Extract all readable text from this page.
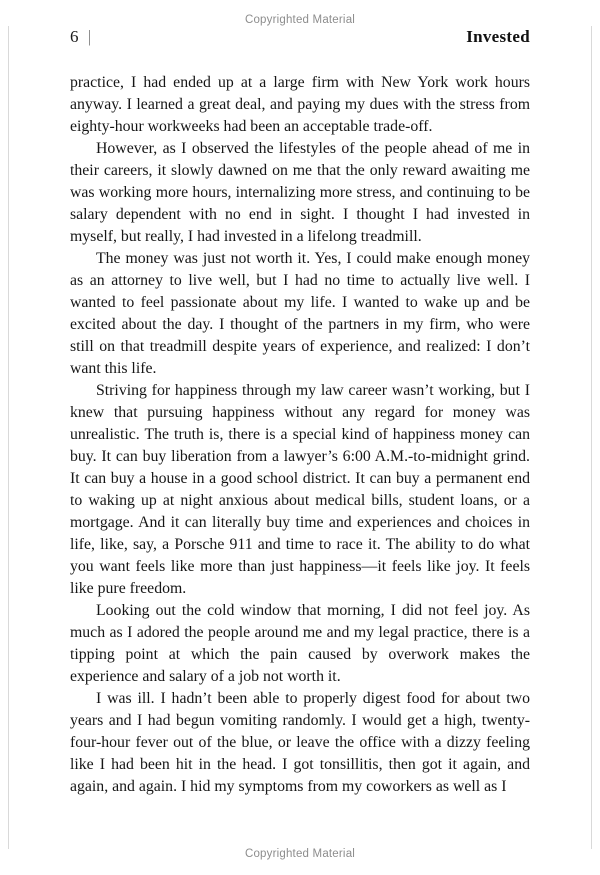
Copyrighted Material
6 |	Invested

practice, I had ended up at a large firm with New York work hours anyway. I learned a great deal, and paying my dues with the stress from eighty-hour workweeks had been an acceptable trade-off.

However, as I observed the lifestyles of the people ahead of me in their careers, it slowly dawned on me that the only reward awaiting me was working more hours, internalizing more stress, and continuing to be salary dependent with no end in sight. I thought I had invested in myself, but really, I had invested in a lifelong treadmill.

The money was just not worth it. Yes, I could make enough money as an attorney to live well, but I had no time to actually live well. I wanted to feel passionate about my life. I wanted to wake up and be excited about the day. I thought of the partners in my firm, who were still on that treadmill despite years of experience, and realized: I don’t want this life.

Striving for happiness through my law career wasn’t working, but I knew that pursuing happiness without any regard for money was unrealistic. The truth is, there is a special kind of happiness money can buy. It can buy liberation from a lawyer’s 6:00 A.M.-to-midnight grind. It can buy a house in a good school district. It can buy a permanent end to waking up at night anxious about medical bills, student loans, or a mortgage. And it can literally buy time and experiences and choices in life, like, say, a Porsche 911 and time to race it. The ability to do what you want feels like more than just happiness—it feels like joy. It feels like pure freedom.

Looking out the cold window that morning, I did not feel joy. As much as I adored the people around me and my legal practice, there is a tipping point at which the pain caused by overwork makes the experience and salary of a job not worth it.

I was ill. I hadn’t been able to properly digest food for about two years and I had begun vomiting randomly. I would get a high, twenty-four-hour fever out of the blue, or leave the office with a dizzy feeling like I had been hit in the head. I got tonsillitis, then got it again, and again, and again. I hid my symptoms from my coworkers as well as I

Copyrighted Material
